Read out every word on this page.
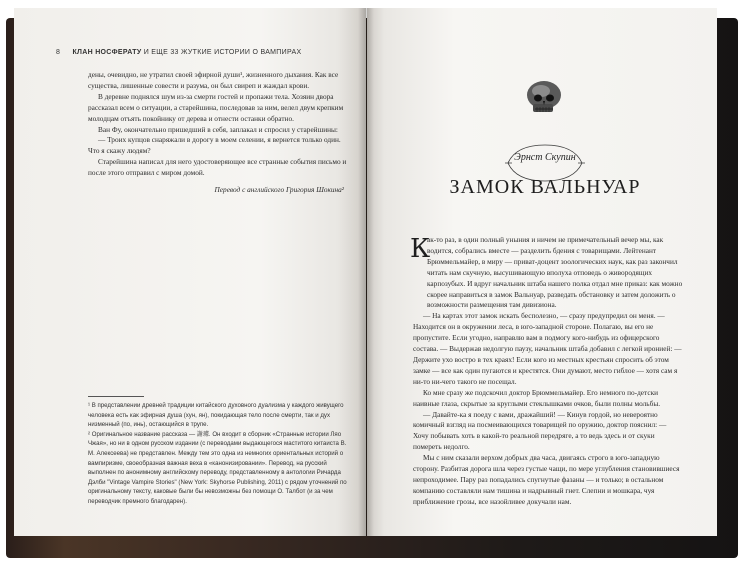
8 КЛАН НОСФЕРАТУ И ЕЩЕ 33 ЖУТКИЕ ИСТОРИИ О ВАМПИРАХ

дены, очевидно, не утратил своей эфирной души¹, жизненного дыхания. Как все существа, лишенные совести и разума, он был свиреп и жаждал крови.

В деревне поднялся шум из-за смерти гостей и пропажи тела. Хозяин двора рассказал всем о ситуации, а старейшина, последовав за ним, велел двум крепким молодцам отъять покойнику от дерева и отнести останки обратно.

Ван Фу, окончательно пришедший в себя, заплакал и спросил у старейшины:

— Троих купцов снаряжали в дорогу в моем селении, я вернется только один. Что я скажу людям?

Старейшина написал для него удостоверяющее все странные события письмо и после этого отправил с миром домой.

Перевод с английского Григория Шокина²

¹ В представлении древней традиции китайского духовного дуализма у каждого живущего человека есть как эфирная душа (хун, ян), покидающая тело после смерти, так и дух низменный (по, инь), остающийся в трупе.

² Оригинальное название рассказа — 謝璩. Он входит в сборник «Странные истории Ляо Чжая», но ни в одном русском издании (с переводами выдающегося маститого китаиста В. М. Алексеева) не представлен. Между тем это одна из немногих ориентальных историй о вампиризме, своеобразная важная веха в «канонизировании». Перевод, на русский выполнен по анонимному английскому переводу, представленному в антологии Ричарда Дэлби "Vintage Vampire Stories" (New York: Skyhorse Publishing, 2011) с рядом уточнений по оригинальному тексту, каковые были бы невозможны без помощи О. Талбот (и за чем переводчик премного благодарен).

Эрнст Скупин
ЗАМОК ВАЛЬНУАР
К

ак-то раз, в один полный уныния и ничем не примечательный вечер мы, как водится, собрались вместе — разделить бдения с товарищами. Лейтенант Брюммельмайер, в миру — приват-доцент зоологических наук, как раз закончил читать нам скучную, высушивающую вполуха отповедь о живородящих карпозубых. И вдруг начальник штаба нашего полка отдал мне приказ: как можно скорее направиться в замок Вальнуар, разведать обстановку и затем доложить о возможности размещения там дивизиона.

— На картах этот замок искать бесполезно, — сразу предупредил он меня. — Находится он в окружении леса, в юго-западной стороне. Полагаю, вы его не пропустите. Если угодно, направлю вам в подмогу кого-нибудь из офицерского состава. — Выдержав недолгую паузу, начальник штаба добавил с легкой иронией: — Держите ухо востро в тех краях! Если кого из местных крестьян спросить об этом замке — все как один пугаются и крестятся. Они думают, место гиблое — хотя сам я ни-то ни-чего такого не посещал.

Ко мне сразу же подскочил доктор Брюммельмайер. Его немного по-детски наивные глаза, скрытые за круглыми стеклышками очков, были полны мольбы.

— Давайте-ка я поеду с вами, дражайший! — Кинув гордой, но невероятно комичный взгляд на посмеивающихся товарищей по оружию, доктор пояснил: — Хочу побывать хоть в какой-то реальной передряге, а то ведь здесь и от скуки помереть недолго.

Мы с ним сказали верхом добрых два часа, двигаясь строго в юго-западную сторону. Разбитая дорога шла через густые чащи, по мере углубления становившиеся непроходимее. Пару раз попадались спугнутые фазаны — и только; в остальном компанию составляли нам тишина и надрывный гнет. Слепни и мошкара, чуя приближение грозы, все назойливее докучали нам.
